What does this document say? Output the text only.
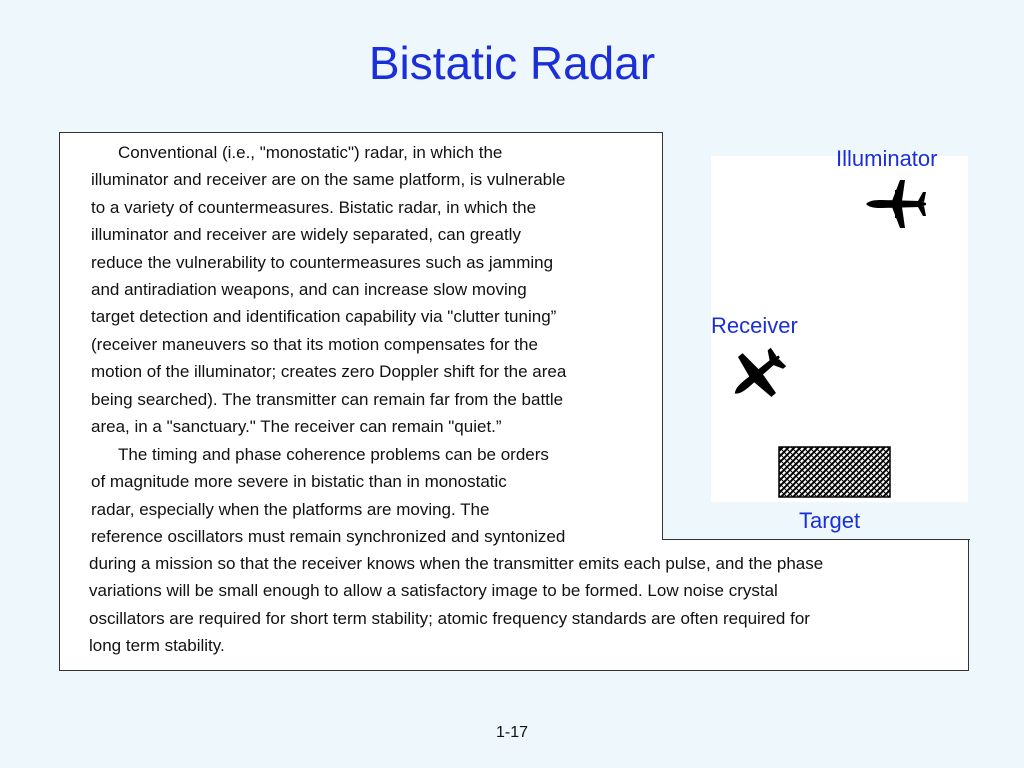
Bistatic Radar
Conventional (i.e., "monostatic") radar, in which the
illuminator and receiver are on the same platform, is vulnerable
to a variety of countermeasures. Bistatic radar, in which the
illuminator and receiver are widely separated, can greatly
reduce the vulnerability to countermeasures such as jamming
and antiradiation weapons, and can increase slow moving
target detection and identification capability via "clutter tuning”
(receiver maneuvers so that its motion compensates for the
motion of the illuminator; creates zero Doppler shift for the area
being searched). The transmitter can remain far from the battle
area, in a "sanctuary." The receiver can remain "quiet.”
The timing and phase coherence problems can be orders
of magnitude more severe in bistatic than in monostatic
radar, especially when the platforms are moving. The
reference oscillators must remain synchronized and syntonized
during a mission so that the receiver knows when the transmitter emits each pulse, and the phase
variations will be small enough to allow a satisfactory image to be formed. Low noise crystal
oscillators are required for short term stability; atomic frequency standards are often required for
long term stability.
Illuminator
Receiver
Target
1-17
